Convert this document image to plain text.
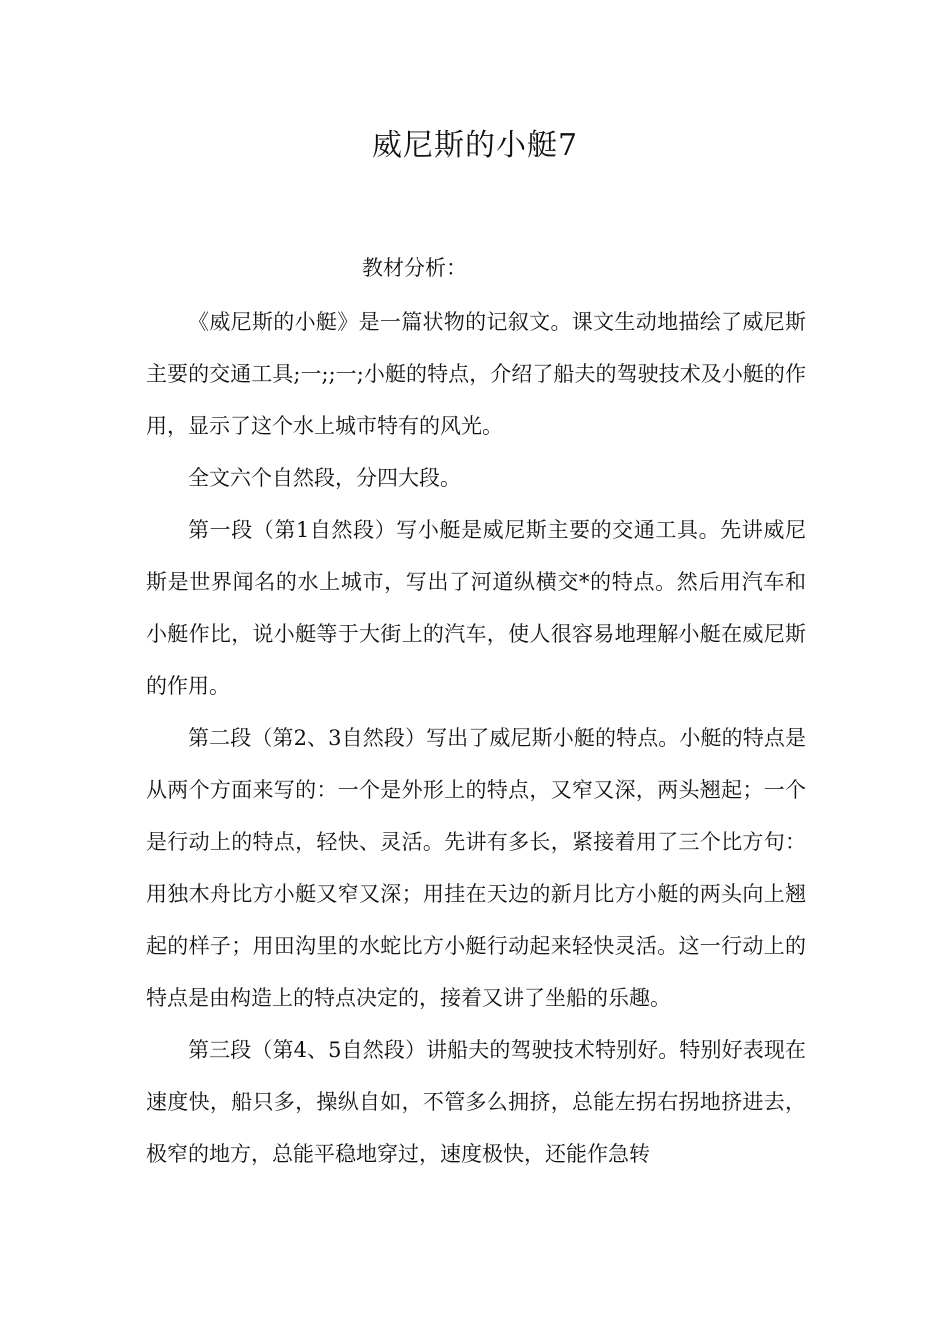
威尼斯的小艇7
教材分析：

《威尼斯的小艇》是一篇状物的记叙文。课文生动地描绘了威尼斯主要的交通工具;一;;一;小艇的特点，介绍了船夫的驾驶技术及小艇的作用，显示了这个水上城市特有的风光。

全文六个自然段，分四大段。

第一段（第1自然段）写小艇是威尼斯主要的交通工具。先讲威尼斯是世界闻名的水上城市，写出了河道纵横交*的特点。然后用汽车和小艇作比，说小艇等于大街上的汽车，使人很容易地理解小艇在威尼斯的作用。

第二段（第2、3自然段）写出了威尼斯小艇的特点。小艇的特点是从两个方面来写的：一个是外形上的特点，又窄又深，两头翘起；一个是行动上的特点，轻快、灵活。先讲有多长，紧接着用了三个比方句：用独木舟比方小艇又窄又深；用挂在天边的新月比方小艇的两头向上翘起的样子；用田沟里的水蛇比方小艇行动起来轻快灵活。这一行动上的特点是由构造上的特点决定的，接着又讲了坐船的乐趣。

第三段（第4、5自然段）讲船夫的驾驶技术特别好。特别好表现在速度快，船只多，操纵自如，不管多么拥挤，总能左拐右拐地挤进去，极窄的地方，总能平稳地穿过，速度极快，还能作急转
